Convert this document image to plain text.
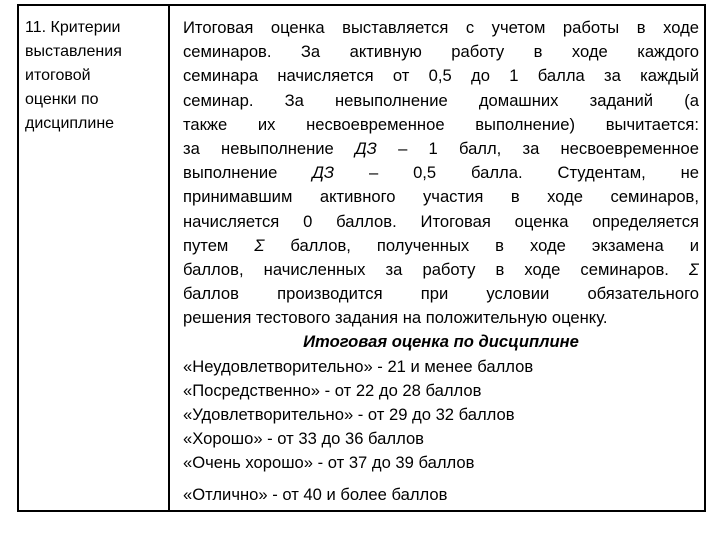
11. Критерии
выставления
итоговой
оценки по
дисциплине
Итоговая оценка выставляется с учетом работы в ходе
семинаров. За активную работу в ходе каждого
семинара начисляется от 0,5 до 1 балла за каждый
семинар. За невыполнение домашних заданий (а
также их несвоевременное выполнение) вычитается:
за невыполнение ДЗ – 1 балл, за несвоевременное
выполнение ДЗ – 0,5 балла. Студентам, не
принимавшим активного участия в ходе семинаров,
начисляется 0 баллов. Итоговая оценка определяется
путем Σ баллов, полученных в ходе экзамена и
баллов, начисленных за работу в ходе семинаров. Σ
баллов производится при условии обязательного
решения тестового задания на положительную оценку.
Итоговая оценка по дисциплине
«Неудовлетворительно» - 21 и менее баллов
«Посредственно» - от 22 до 28 баллов
«Удовлетворительно» - от 29 до 32 баллов
«Хорошо» - от 33 до 36 баллов
«Очень хорошо» - от 37 до 39 баллов
«Отлично» - от 40 и более баллов
